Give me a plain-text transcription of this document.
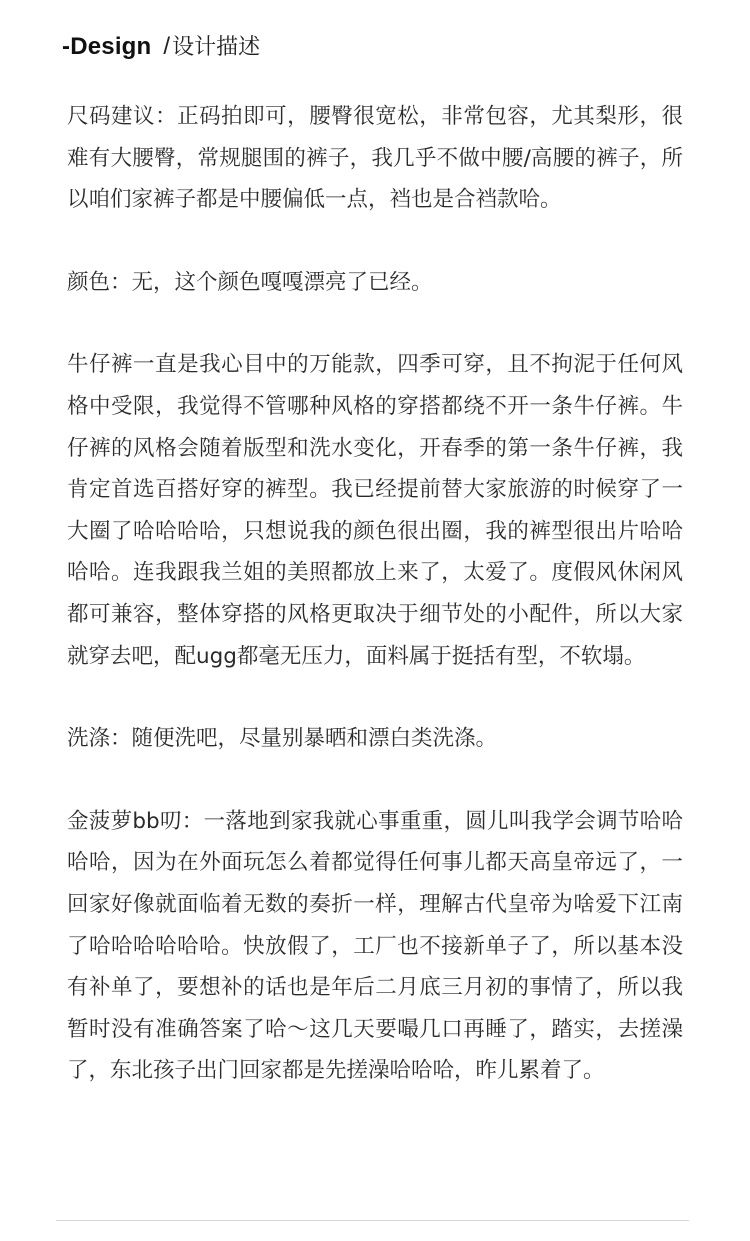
-Design / 设计描述

尺码建议：正码拍即可，腰臀很宽松，非常包容，尤其梨形，很难有大腰臀，常规腿围的裤子，我几乎不做中腰/高腰的裤子，所以咱们家裤子都是中腰偏低一点，裆也是合裆款哈。

颜色：无，这个颜色嘎嘎漂亮了已经。

牛仔裤一直是我心目中的万能款，四季可穿，且不拘泥于任何风格中受限，我觉得不管哪种风格的穿搭都绕不开一条牛仔裤。牛仔裤的风格会随着版型和洗水变化，开春季的第一条牛仔裤，我肯定首选百搭好穿的裤型。我已经提前替大家旅游的时候穿了一大圈了哈哈哈哈，只想说我的颜色很出圈，我的裤型很出片哈哈哈哈。连我跟我兰姐的美照都放上来了，太爱了。度假风休闲风都可兼容，整体穿搭的风格更取决于细节处的小配件，所以大家就穿去吧，配ugg都毫无压力，面料属于挺括有型，不软塌。

洗涤：随便洗吧，尽量别暴晒和漂白类洗涤。

金菠萝bb叨：一落地到家我就心事重重，圆儿叫我学会调节哈哈哈哈，因为在外面玩怎么着都觉得任何事儿都天高皇帝远了，一回家好像就面临着无数的奏折一样，理解古代皇帝为啥爱下江南了哈哈哈哈哈哈。快放假了，工厂也不接新单子了，所以基本没有补单了，要想补的话也是年后二月底三月初的事情了，所以我暂时没有准确答案了哈～这几天要嘬几口再睡了，踏实，去搓澡了，东北孩子出门回家都是先搓澡哈哈哈，昨儿累着了。
